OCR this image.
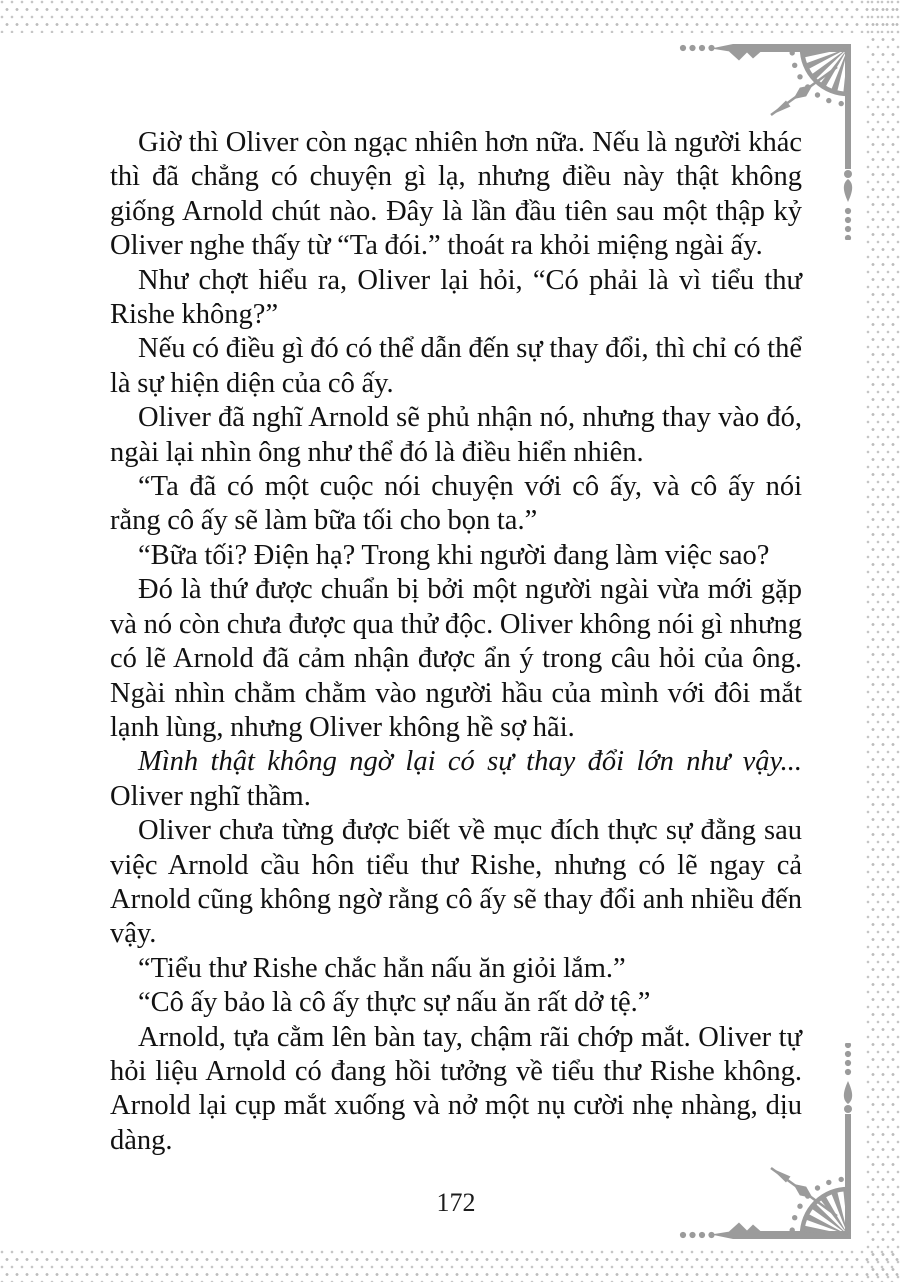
Giờ thì Oliver còn ngạc nhiên hơn nữa. Nếu là người khác thì đã chẳng có chuyện gì lạ, nhưng điều này thật không giống Arnold chút nào. Đây là lần đầu tiên sau một thập kỷ Oliver nghe thấy từ “Ta đói.” thoát ra khỏi miệng ngài ấy.

Như chợt hiểu ra, Oliver lại hỏi, “Có phải là vì tiểu thư Rishe không?”

Nếu có điều gì đó có thể dẫn đến sự thay đổi, thì chỉ có thể là sự hiện diện của cô ấy.

Oliver đã nghĩ Arnold sẽ phủ nhận nó, nhưng thay vào đó, ngài lại nhìn ông như thể đó là điều hiển nhiên.

“Ta đã có một cuộc nói chuyện với cô ấy, và cô ấy nói rằng cô ấy sẽ làm bữa tối cho bọn ta.”

“Bữa tối? Điện hạ? Trong khi người đang làm việc sao?

Đó là thứ được chuẩn bị bởi một người ngài vừa mới gặp và nó còn chưa được qua thử độc. Oliver không nói gì nhưng có lẽ Arnold đã cảm nhận được ẩn ý trong câu hỏi của ông. Ngài nhìn chằm chằm vào người hầu của mình với đôi mắt lạnh lùng, nhưng Oliver không hề sợ hãi.

Mình thật không ngờ lại có sự thay đổi lớn như vậy... Oliver nghĩ thầm.

Oliver chưa từng được biết về mục đích thực sự đằng sau việc Arnold cầu hôn tiểu thư Rishe, nhưng có lẽ ngay cả Arnold cũng không ngờ rằng cô ấy sẽ thay đổi anh nhiều đến vậy.

“Tiểu thư Rishe chắc hẳn nấu ăn giỏi lắm.”

“Cô ấy bảo là cô ấy thực sự nấu ăn rất dở tệ.”

Arnold, tựa cằm lên bàn tay, chậm rãi chớp mắt. Oliver tự hỏi liệu Arnold có đang hồi tưởng về tiểu thư Rishe không. Arnold lại cụp mắt xuống và nở một nụ cười nhẹ nhàng, dịu dàng.

172
